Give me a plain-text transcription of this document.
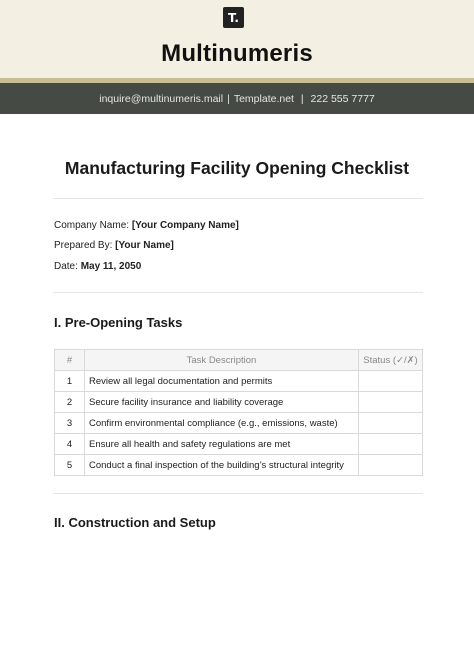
T.
Multinumeris
inquire@multinumeris.mail | Template.net | 222 555 7777
Manufacturing Facility Opening Checklist
Company Name: [Your Company Name]
Prepared By: [Your Name]
Date: May 11, 2050
I. Pre-Opening Tasks
#	Task Description	Status (✓/✗)
1	Review all legal documentation and permits	
2	Secure facility insurance and liability coverage	
3	Confirm environmental compliance (e.g., emissions, waste)	
4	Ensure all health and safety regulations are met	
5	Conduct a final inspection of the building’s structural integrity	
II. Construction and Setup
